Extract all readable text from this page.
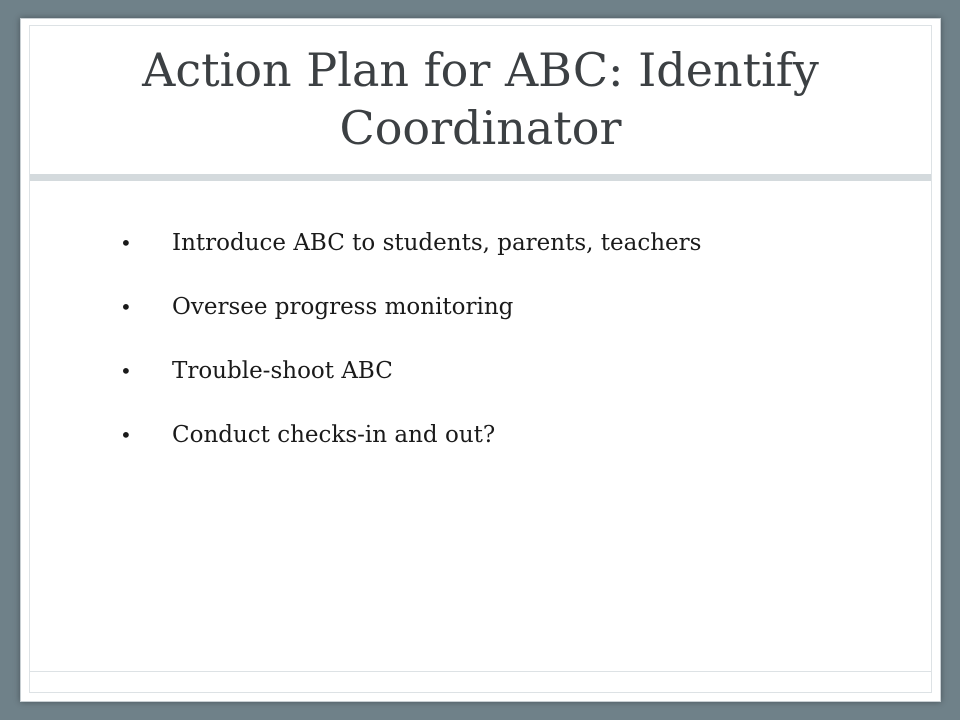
Action Plan for ABC: Identify Coordinator
•	Introduce ABC to students, parents, teachers
•	Oversee progress monitoring
•	Trouble-shoot ABC
•	Conduct checks-in and out?
